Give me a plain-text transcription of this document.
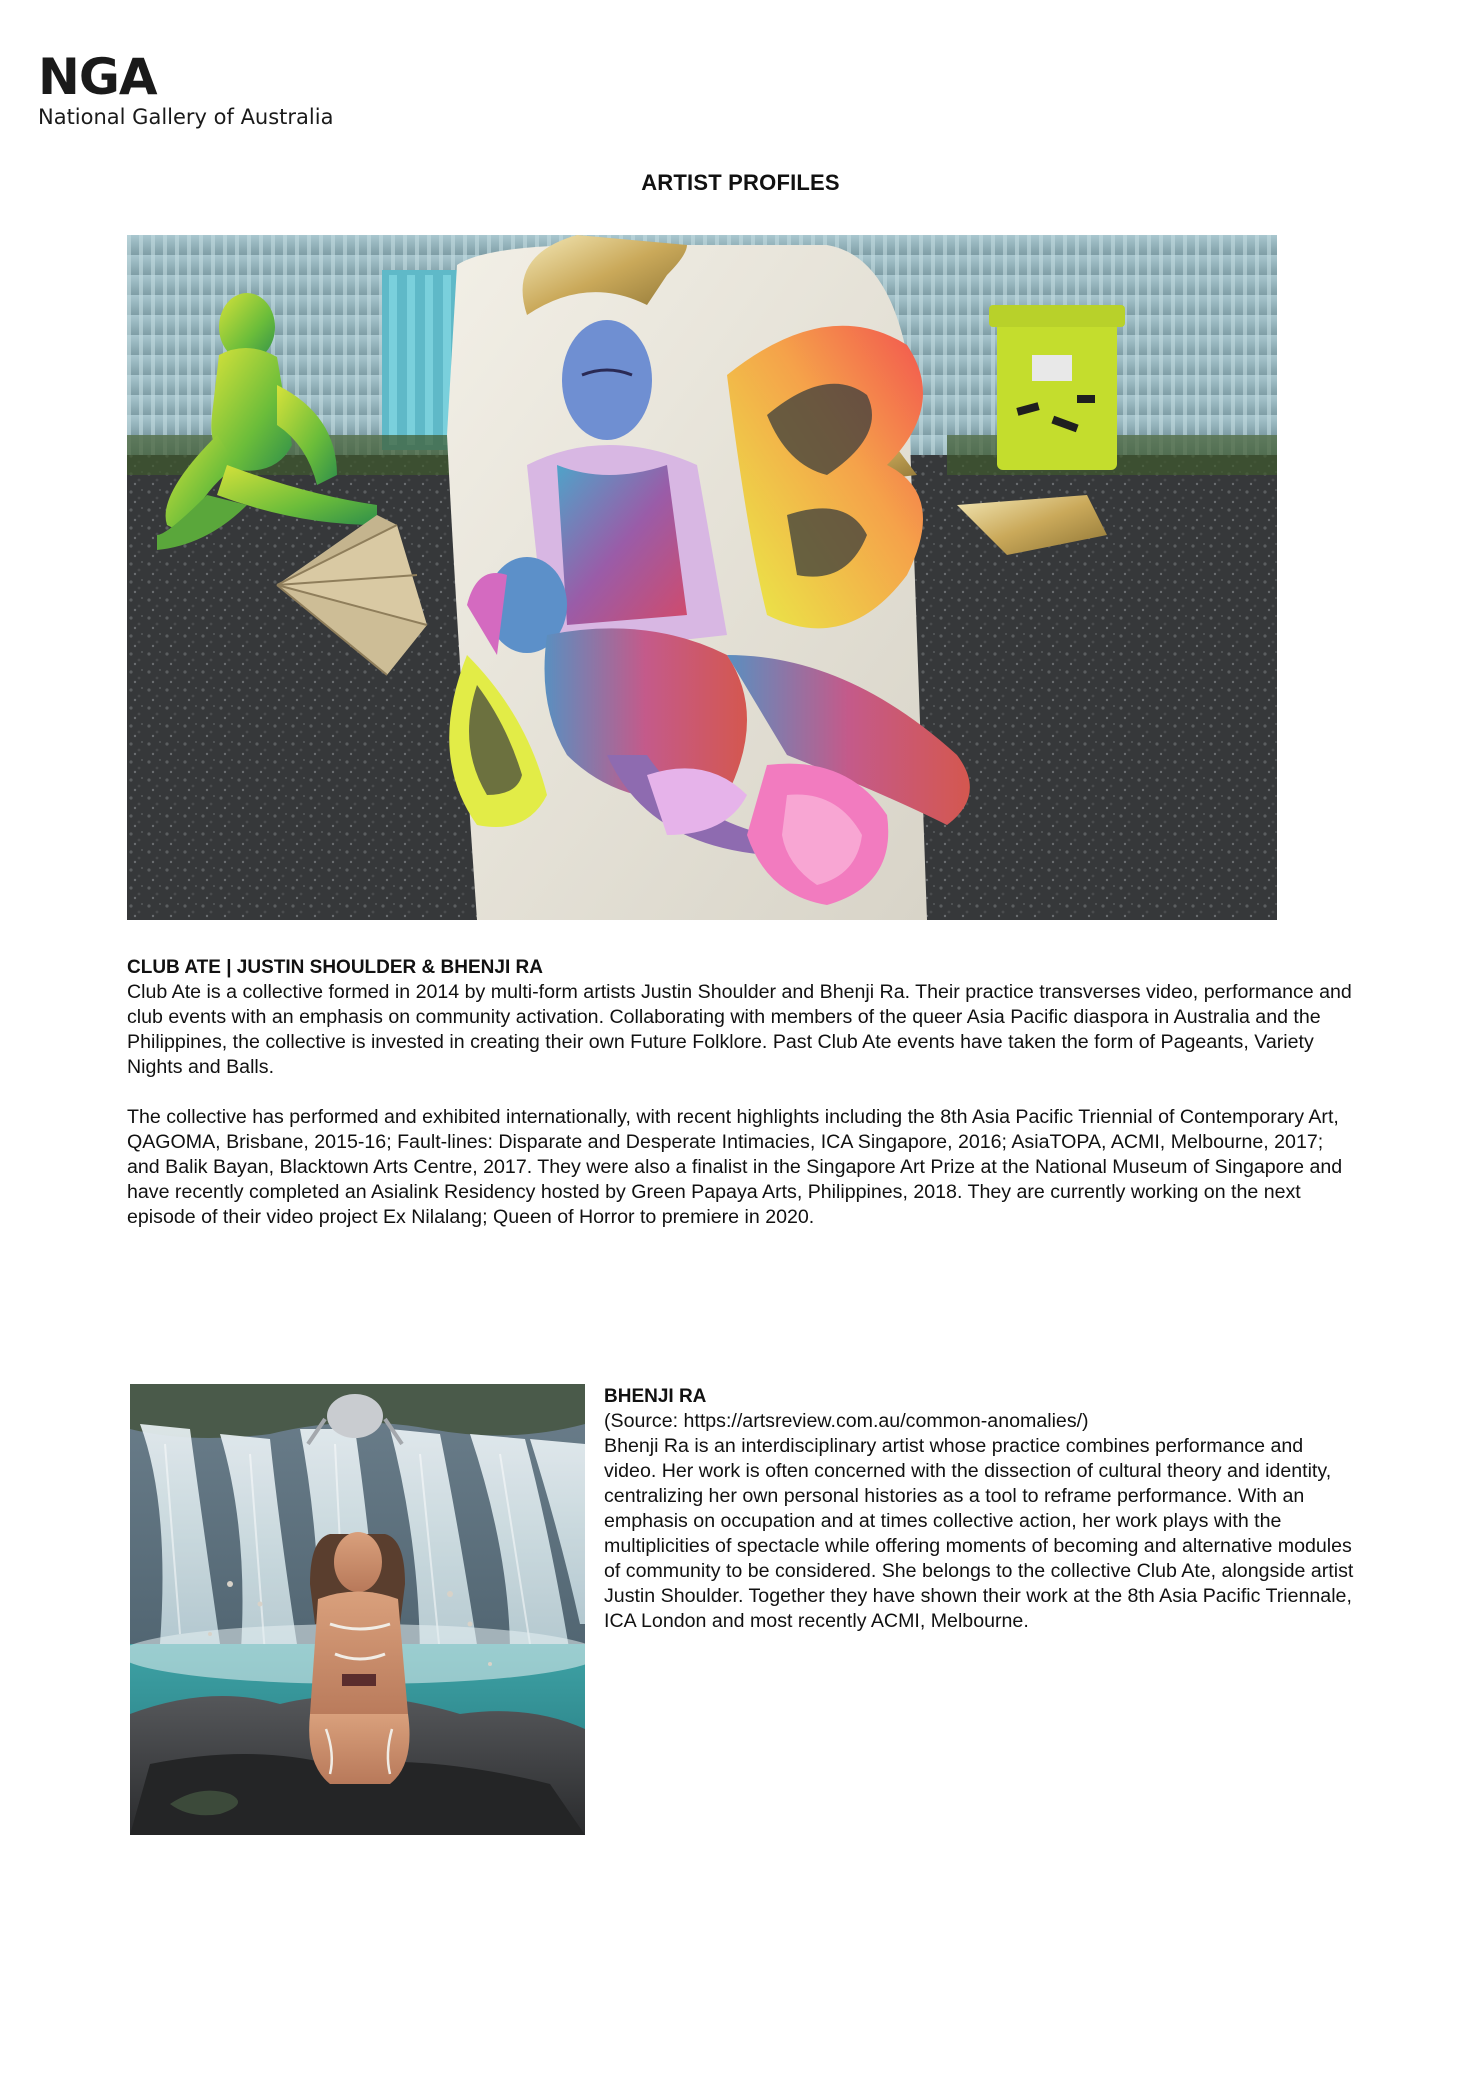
NGA
National Gallery of Australia
ARTIST PROFILES

CLUB ATE | JUSTIN SHOULDER & BHENJI RA

Club Ate is a collective formed in 2014 by multi-form artists Justin Shoulder and Bhenji Ra. Their practice transverses video, performance and club events with an emphasis on community activation. Collaborating with members of the queer Asia Pacific diaspora in Australia and the Philippines, the collective is invested in creating their own Future Folklore. Past Club Ate events have taken the form of Pageants, Variety Nights and Balls.

The collective has performed and exhibited internationally, with recent highlights including the 8th Asia Pacific Triennial of Contemporary Art, QAGOMA, Brisbane, 2015-16; Fault-lines: Disparate and Desperate Intimacies, ICA Singapore, 2016; AsiaTOPA, ACMI, Melbourne, 2017; and Balik Bayan, Blacktown Arts Centre, 2017. They were also a finalist in the Singapore Art Prize at the National Museum of Singapore and have recently completed an Asialink Residency hosted by Green Papaya Arts, Philippines, 2018. They are currently working on the next episode of their video project Ex Nilalang; Queen of Horror to premiere in 2020.

BHENJI RA

(Source: https://artsreview.com.au/common-anomalies/)

Bhenji Ra is an interdisciplinary artist whose practice combines performance and video. Her work is often concerned with the dissection of cultural theory and identity, centralizing her own personal histories as a tool to reframe performance. With an emphasis on occupation and at times collective action, her work plays with the multiplicities of spectacle while offering moments of becoming and alternative modules of community to be considered. She belongs to the collective Club Ate, alongside artist Justin Shoulder. Together they have shown their work at the 8th Asia Pacific Triennale, ICA London and most recently ACMI, Melbourne.
